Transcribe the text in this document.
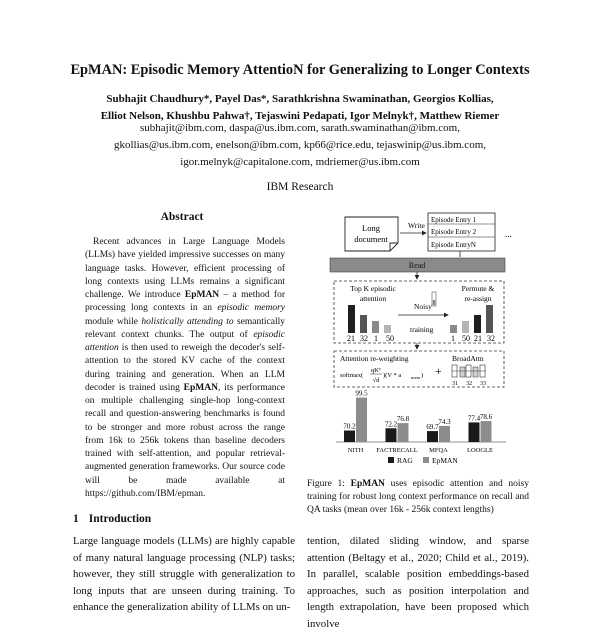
EpMAN: Episodic Memory AttentioN for Generalizing to Longer Contexts
Subhajit Chaudhury*, Payel Das*, Sarathkrishna Swaminathan, Georgios Kollias,
Elliot Nelson, Khushbu Pahwa†, Tejaswini Pedapati, Igor Melnyk†, Matthew Riemer
subhajit@ibm.com, daspa@us.ibm.com, sarath.swaminathan@ibm.com,
gkollias@us.ibm.com, enelson@ibm.com, kp66@rice.edu, tejaswinip@us.ibm.com,
igor.melnyk@capitalone.com, mdriemer@us.ibm.com
IBM Research
Abstract

Recent advances in Large Language Models (LLMs) have yielded impressive successes on many language tasks. However, efficient processing of long contexts using LLMs remains a significant challenge. We introduce EpMAN – a method for processing long contexts in an episodic memory module while holistically attending to semantically relevant context chunks. The output of episodic attention is then used to reweigh the decoder's self-attention to the stored KV cache of the context during training and generation. When an LLM decoder is trained using EpMAN, its performance on multiple challenging single-hop long-context recall and question-answering benchmarks is found to be stronger and more robust across the range from 16k to 256k tokens than baseline decoders trained with self-attention, and popular retrieval-augmented generation frameworks. Our source code will be made available at https://github.com/IBM/epman.

1 Introduction
Large language models (LLMs) are highly capable of many natural language processing (NLP) tasks; however, they still struggle with generalization to long inputs that are unseen during training. To enhance the generalization ability of LLMs on un-
tention, dilated sliding window, and sparse attention (Beltagy et al., 2020; Child et al., 2019). In parallel, scalable position embeddings-based approaches, such as position interpolation and length extrapolation, have been proposed which involve
Long
document
Write
Episode Entry 1
Episode Entry 2
Episode EntryN
...
Read
Top K episodic
attention
21 32 1 50
Noisy
training
Permute &
re-assign
1 50 21 32
Attention re-weighting
softmax(
qKᵀ
√d
)(V * a mem ) +
BroadAttn
31 32 33
70.2
99.5
NITH
72.2
76.8
FACTRECALL
69.7
74.3
MFQA
77.4 78.6
LOOGLE
RAG	EpMAN
Figure 1: EpMAN uses episodic attention and noisy training for robust long context performance on recall and QA tasks (mean over 16k - 256k context lengths)
